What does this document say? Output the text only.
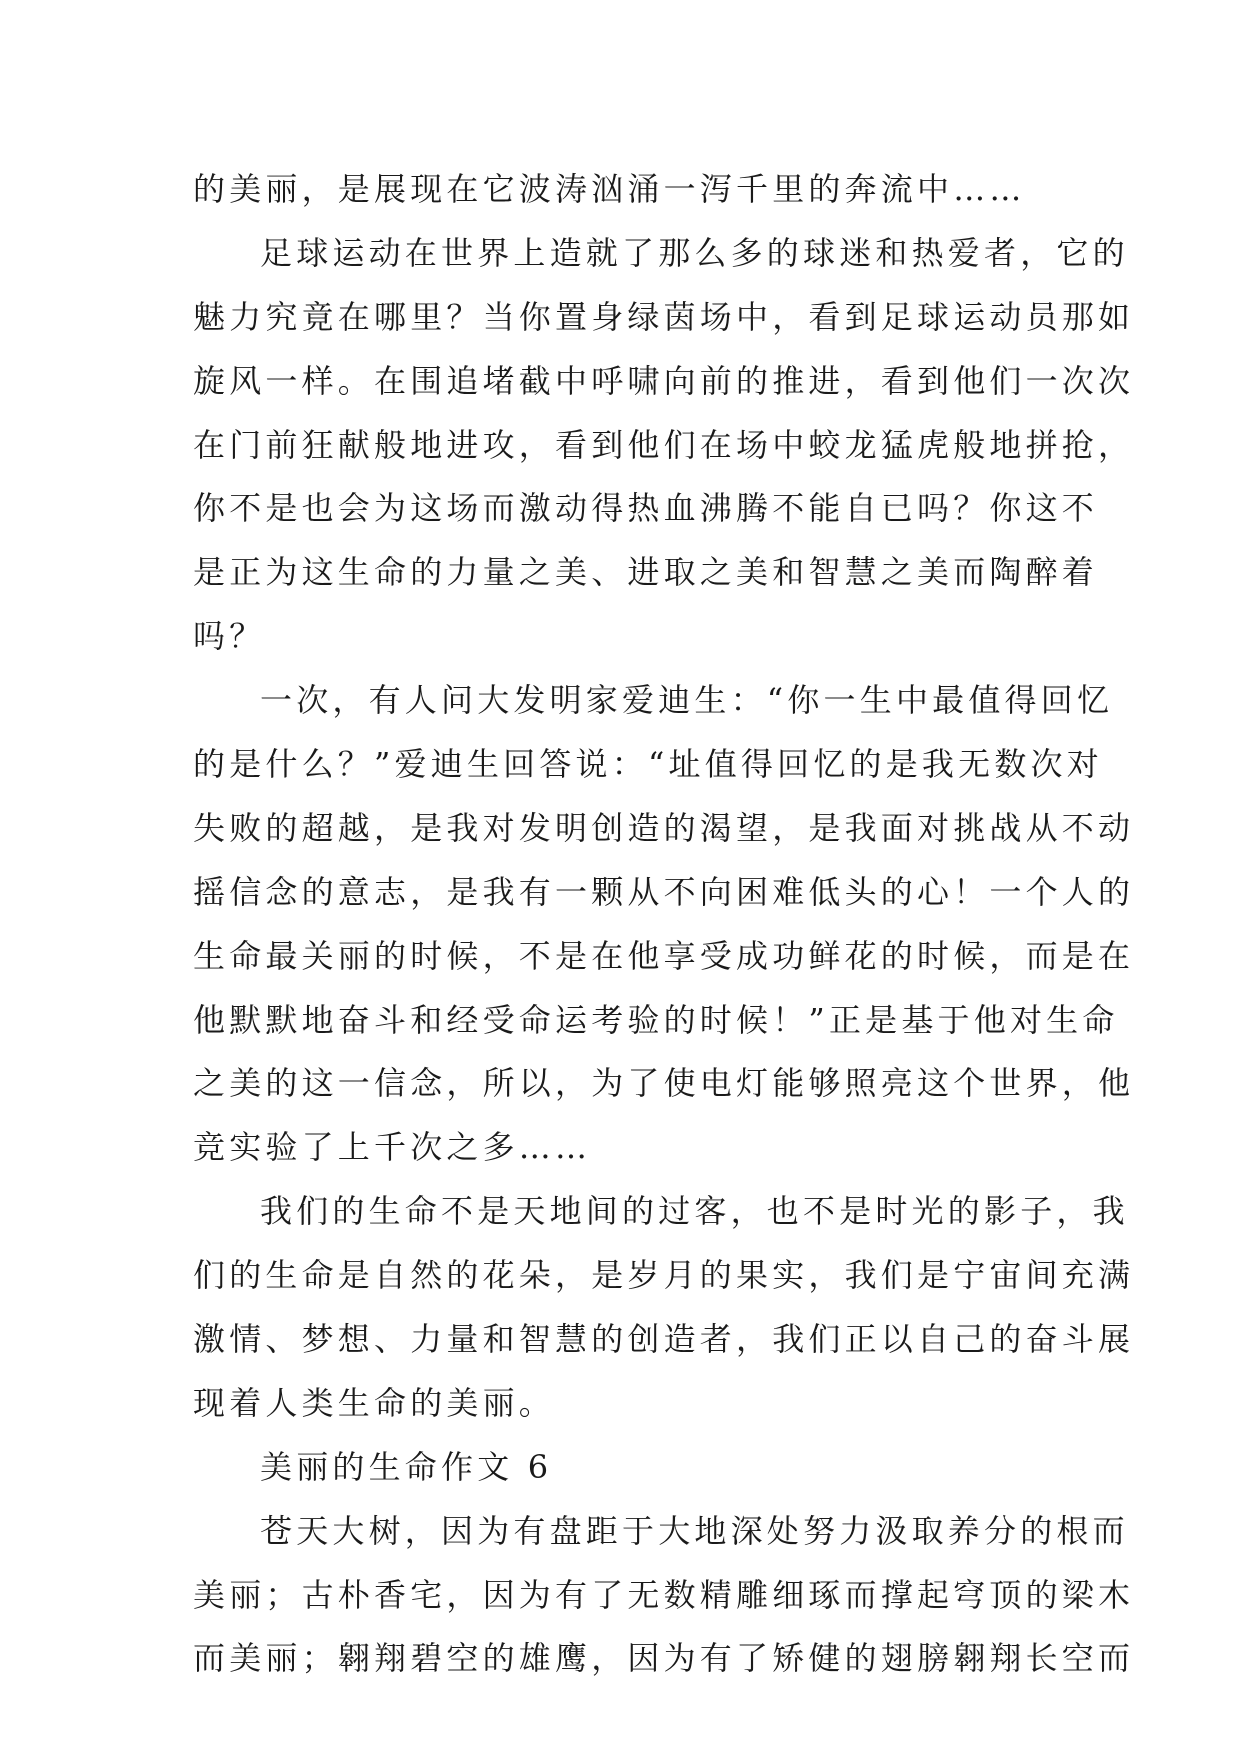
的美丽，是展现在它波涛汹涌一泻千里的奔流中……
足球运动在世界上造就了那么多的球迷和热爱者，它的
魅力究竟在哪里？当你置身绿茵场中，看到足球运动员那如
旋风一样。在围追堵截中呼啸向前的推进，看到他们一次次
在门前狂献般地进攻，看到他们在场中蛟龙猛虎般地拼抢，
你不是也会为这场而激动得热血沸腾不能自已吗？你这不
是正为这生命的力量之美、进取之美和智慧之美而陶醉着
吗？
一次，有人问大发明家爱迪生：“你一生中最值得回忆
的是什么？”爱迪生回答说：“址值得回忆的是我无数次对
失败的超越，是我对发明创造的渴望，是我面对挑战从不动
摇信念的意志，是我有一颗从不向困难低头的心！一个人的
生命最关丽的时候，不是在他享受成功鲜花的时候，而是在
他默默地奋斗和经受命运考验的时候！”正是基于他对生命
之美的这一信念，所以，为了使电灯能够照亮这个世界，他
竞实验了上千次之多……
我们的生命不是天地间的过客，也不是时光的影子，我
们的生命是自然的花朵，是岁月的果实，我们是宁宙间充满
激情、梦想、力量和智慧的创造者，我们正以自己的奋斗展
现着人类生命的美丽。
美丽的生命作文 6
苍天大树，因为有盘距于大地深处努力汲取养分的根而
美丽；古朴香宅，因为有了无数精雕细琢而撑起穹顶的梁木
而美丽；翱翔碧空的雄鹰，因为有了矫健的翅膀翱翔长空而
